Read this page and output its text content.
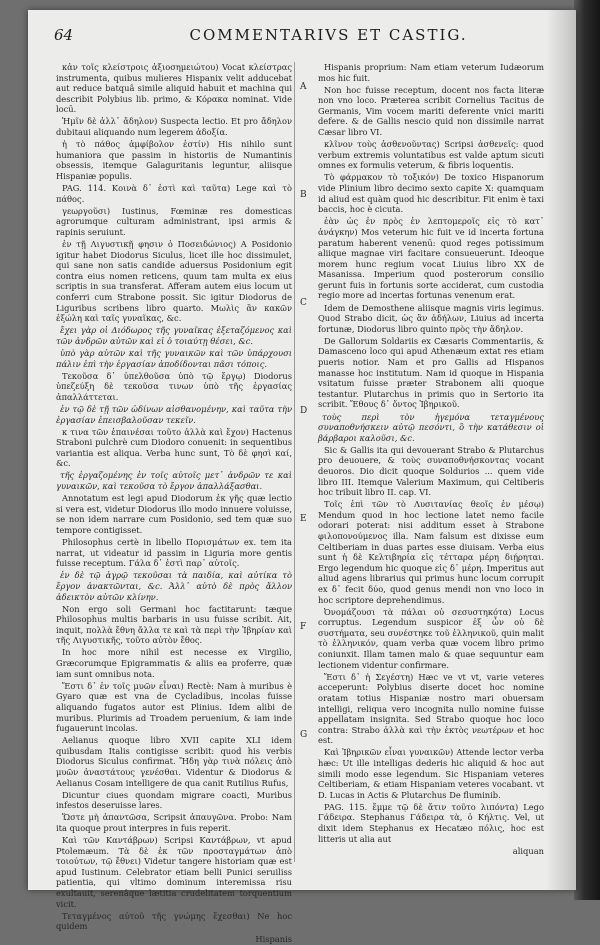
64	COMMENTARIVS ET CASTIG.

κἀν τοῖς κλείστροις ἀξιοσημειώτου) Vocat κλείστρας instrumenta, quibus mulieres Hispanix velit adducebat aut reduce batquâ simile aliquid habuit et machina qui describit Polybius lib. primo, & Κόρακα nominat. Vide locū.

Ἡμῖν δὲ ἀλλ᾽ ἄδηλον) Suspecta lectio. Et pro ἄδηλον dubitaui aliquando num legerem ἀδοξία.

ἡ τὸ πάθος ἀμφίβολον ἐστίν) His nihilo sunt humaniora que passim in historiis de Numantinis obsessis, itemque Galaguritanis leguntur, aliisque Hispaniæ populis.

PAG. 114. Κοινὰ δ᾽ ἐστὶ καὶ ταῦτα) Lege καὶ τὸ πάθος.

γεωργοῦσι) Iustinus, Fœminæ res domesticas agrorumque culturam administrant, ipsi armis & rapinis seruiunt.

ἐν τῇ Λιγυστικῇ φησιν ὁ Ποσειδώνιος) A Posidonio igitur habet Diodorus Siculus, licet ille hoc dissimulet, qui sane non satis candide aduersus Posidonium egit contra eius nomen reticens, quum tam multa ex eius scriptis in sua transferat. Afferam autem eius locum ut conferri cum Strabone possit. Sic igitur Diodorus de Liguribus scribens libro quarto. Μωλὶς ἂν κακῶν ἐξώλη καὶ ταῖς γυναῖκας, &c.

ἔχει γὰρ οἱ Διόδωρος τῆς γυναῖκας ἐξεταζόμενος καὶ τῶν ἀνδρῶν αὐτῶν καὶ εἰ ὁ τοιαύτῃ θέσει, &c.

ὑπὸ γὰρ αὐτῶν καὶ τῆς γυναικῶν καὶ τῶν ὑπάρχουσι πάλιν ἐπὶ τὴν ἐργασίαν ἀποδίδονται πᾶσι τόποις.

Τεκοῦσα δ᾽ ὑπελθοῦσα ὑπὸ τῷ ἔργῳ) Diodorus ὑπεζεύξη δὲ τεκοῦσα τινων ὑπὸ τῆς ἐργασίας ἀπαλλάττεται.

ἐν τῷ δὲ τῇ τῶν ὠδίνων αἰσθανομένην, καὶ ταῦτα τὴν ἐργασίαν ἐπεισβαλοῦσαν τεκεῖν.

κ τινα τῶν ἐπαινέσαι τοῦτο ἀλλὰ καὶ ἔχον) Hactenus Straboni pulchrè cum Diodoro conuenit: in sequentibus variantia est aliqua. Verba hunc sunt, Τὸ δὲ φησὶ καί, &c.

τῆς ἐργαζομένης ἐν τοῖς αὐτοῖς μετ᾽ ἀνδρῶν τε καὶ γυναικῶν, καὶ τεκοῦσα τὸ ἔργον ἀπαλλάξασθαι.

Annotatum est legi apud Diodorum ἐκ γῆς quæ lectio si vera est, videtur Diodorus illo modo innuere voluisse, se non idem narrare cum Posidonio, sed tem quæ suo tempore contigisset.

Philosophus certè in libello Πορισμάτων ex. tem ita narrat, ut videatur id passim in Liguria more gentis fuisse receptum. Γάλα δ᾽ ἐστὶ παρ᾽ αὐτοῖς.

ἐν δὲ τῷ ἀγρῷ τεκοῦσαι τὰ παιδία, καὶ αὐτίκα τὸ ἔργον ἀνακτῶνται, &c. Ἀλλ᾽ αὐτὸ δὲ πρὸς ἄλλον ἀδεικτὸν αὐτῶν κλίνην.

Non ergo soli Germani hoc factitarunt: tæque Philosophus multis barbaris in usu fuisse scribit. Ait, inquit, πολλὰ ἔθνη ἄλλα τε καὶ τὰ περὶ τὴν Ἰβηρίαν καὶ τῆς Λιγυστικῆς, τοῦτο αὐτὸν ἔθος.

In hoc more nihil est necesse ex Virgilio, Græcorumque Epigrammatis & aliis ea proferre, quæ iam sunt omnibus nota.

Ἔστι δ᾽ ἐν τοῖς μυῶν εἶναι) Rectè: Nam à muribus è Gyaro quæ est vna de Cycladibus, incolas fuisse aliquando fugatos autor est Plinius. Idem alibi de muribus. Plurimis ad Troadem peruenium, & iam inde fugauerunt incolas.

Aelianus quoque libro XVII capite XLI idem quibusdam Italis contigisse scribit: quod his verbis Diodorus Siculus confirmat. Ἤδη γὰρ τινὰ πόλεις ἀπὸ μυῶν ἀναστάτους γενέσθαι. Videntur & Diodorus & Aelianus Cosam intelligere de qua canit Rutilius Rufus,

Dicuntur ciues quondam migrare coacti, Muribus infestos deseruisse lares.

Ὥστε μὴ ἀπαντῶσα, Scripsit ἀπαυγῶνα. Probo: Nam ita quoque prout interpres in fuis reperit.

Καὶ τῶν Καντάβρων) Scripsi Καντάβρων, vt apud Ptolemæum. Τὰ δὲ ἐκ τῶν προσταγμάτων ἀπὸ τοιούτων, τῷ ἔθνει) Videtur tangere historiam quæ est apud Iustinum. Celebrator etiam belli Punici seruiliss patientia, qui vltimo dominum interemissa risu exultauit, serenâque lætitia crudelitatem torquentium vicit.

Τεταγμένος αὐτοῦ τῆς γνώμης ἔχεσθαι) Ne hoc quidem

Hispanis

A
B
C
D
E
F
G

Hispanis proprium: Nam etiam veterum Iudæorum mos hic fuit.

Non hoc fuisse receptum, docent nos facta literæ non vno loco. Præterea scribit Cornelius Tacitus de Germanis, Vim vocem mariti deferente vnici mariti defere. & de Gallis nescio quid non dissimile narrat Cæsar libro VI.

κλῖνον τοὺς ἀσθενοῦντας) Scripsi ἀσθενεῖς: quod verbum extremis voluntatibus est valde aptum sicuti omnes ex formulis veterum, & fibris loquentis.

Τὸ φάρμακον τὸ τοξικόν) De toxico Hispanorum vide Plinium libro decimo sexto capite X: quamquam id aliud est quàm quod hic describitur. Fit enim è taxi baccis, hoc è cicuta.

ἐὰν ὡς ἐν πρὸς ἐν λεπτομεροῖς εἰς τὸ κατ᾽ ἀνάγκην) Mos veterum hic fuit ve id incerta fortuna paratum haberent venenū: quod reges potissimum aliique magnae viri facitare consueuerunt. Ideoque morem hunc regium vocat Liuius libro XX de Masanissa. Imperium quod posterorum consilio gerunt fuis in fortunis sorte acciderat, cum custodia regio more ad incertas fortunas venenum erat.

Idem de Demosthene aliisque magnis viris legimus. Quod Strabo dicit, ὡς ἂν ἀδήλων, Liuius ad incerta fortunæ, Diodorus libro quinto πρὸς τὴν ἄδηλον.

De Gallorum Soldariis ex Cæsaris Commentariis, & Damasceno loco qui apud Athenæum extat res etiam pueris notior. Nam et pro Gallis ad Hispanos manasse hoc institutum. Nam id quoque in Hispania vsitatum fuisse præter Strabonem alii quoque testantur. Plutarchus in primis quo in Sertorio ita scribit. Ἔθους δ᾽ ὄντος Ἰβηρικοῦ.

τοὺς περὶ τὸν ἡγεμόνα τεταγμένους συναποθνήσκειν αὐτῷ πεσόντι, ὃ τὴν κατάθεσιν οἱ βάρβαροι καλοῦσι, &c.

Sic & Gallis ita qui devouerant Strabo & Plutarchus pro deuouere, & τοὺς συναποθνήσκοντας vocant deuoros. Dio dicit quoque Soldurios ... quem vide libro III. Itemque Valerium Maximum, qui Celtiberis hoc tribuit libro II. cap. VI.

Τοῖς ἐπὶ τῶν τὸ Λυσιτανίας θεοῖς ἐν μέσῳ) Mendum quod in hoc lectione latet nemo facile odorari poterat: nisi additum esset à Strabone φιλοπονούμενος illa. Nam falsum est dixisse eum Celtiberiam in duas partes esse diuisam. Verba eius sunt ἡ δὲ Κελτιβηρία εἰς τέτταρα μέρη διῄρηται. Ergo legendum hic quoque εἰς δ᾽ μέρη. Imperitus aut aliud agens librarius qui primus hunc locum corrupit ex δ᾽ fecit δύο, quod genus mendi non vno loco in hoc scriptore deprehendimus.

Ὀνομάζουσι τὰ πάλαι οὐ σεσυστηκότα) Locus corruptus. Legendum suspicor ἐξ ὧν οὐ δὲ συστήματα, seu συνέστηκε τοῦ ἑλληνικοῦ, quin malit τὸ ἑλληνικόν, quam verba quæ vocem libro primo coniunxit. Illam tamen malo & quae sequuntur eam lectionem videntur confirmare.

Ἔστι δ᾽ ἡ Σεγέστη) Hæc ve vt vt, varie veteres acceperunt: Polybius diserte docet hoc nomine oratam totius Hispaniæ nostro mari obuersam intelligi, reliqua vero incognita nullo nomine fuisse appellatam insignita. Sed Strabo quoque hoc loco contra: Strabo ἀλλὰ καὶ τὴν ἐκτὸς νεωτέρων et hoc est.

Καὶ Ἰβηρικῶν εἶναι γυναικῶν) Attende lector verba hæc: Ut ille intelligas dederis hic aliquid & hoc aut simili modo esse legendum. Sic Hispaniam veteres Celtiberiam, & etiam Hispaniam veteres vocabant. vt D. Lucas in Actis & Plutarchus De fluminib.

PAG. 115. ἔμμε τῷ δὲ ἄτιν τοῦτο λιπόντα) Lego Γάδειρα. Stephanus Γάδειρα τὰ, ὁ Κήλτις. Vel, ut dixit idem Stephanus ex Hecatæo πόλις, hoc est litteris ut alia aut

aliquan
